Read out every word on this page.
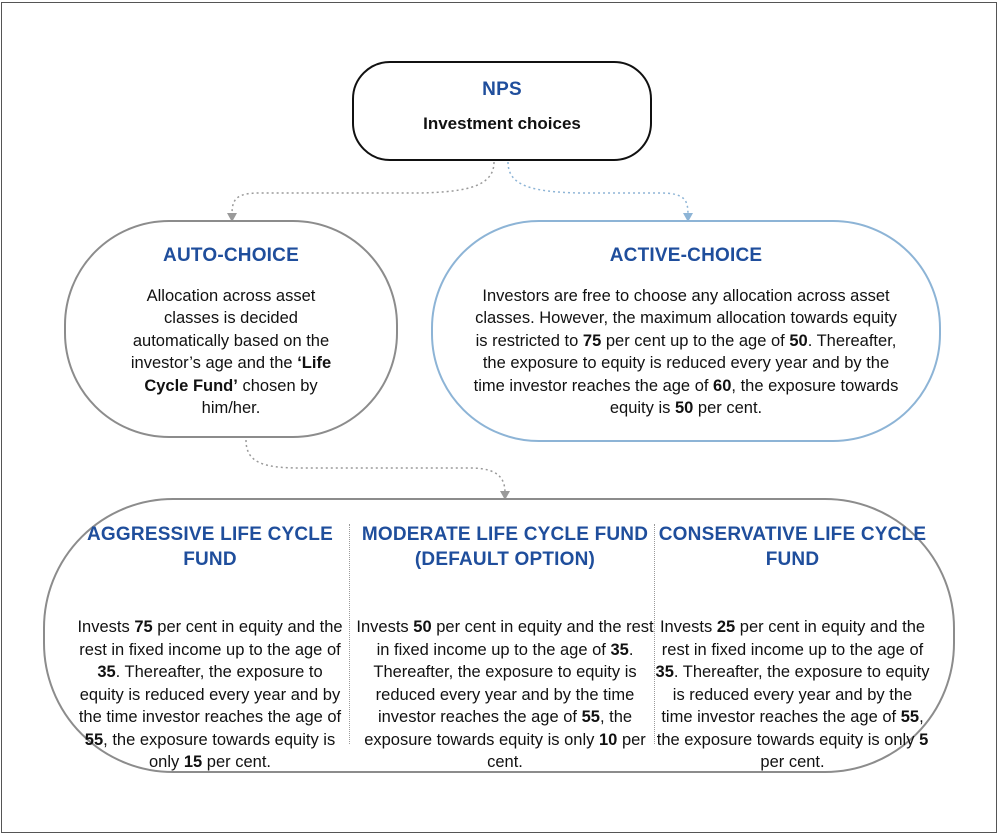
NPS
Investment choices
AUTO-CHOICE
Allocation across asset classes is decided automatically based on the investor’s age and the ‘Life Cycle Fund’ chosen by him/her.
ACTIVE-CHOICE
Investors are free to choose any allocation across asset classes. However, the maximum allocation towards equity is restricted to 75 per cent up to the age of 50. Thereafter, the exposure to equity is reduced every year and by the time investor reaches the age of 60, the exposure towards equity is 50 per cent.
AGGRESSIVE LIFE CYCLE FUND
Invests 75 per cent in equity and the rest in fixed income up to the age of 35. Thereafter, the exposure to equity is reduced every year and by the time investor reaches the age of 55, the exposure towards equity is only 15 per cent.
MODERATE LIFE CYCLE FUND (DEFAULT OPTION)
Invests 50 per cent in equity and the rest in fixed income up to the age of 35. Thereafter, the exposure to equity is reduced every year and by the time investor reaches the age of 55, the exposure towards equity is only 10 per cent.
CONSERVATIVE LIFE CYCLE FUND
Invests 25 per cent in equity and the rest in fixed income up to the age of 35. Thereafter, the exposure to equity is reduced every year and by the time investor reaches the age of 55, the exposure towards equity is only 5 per cent.
